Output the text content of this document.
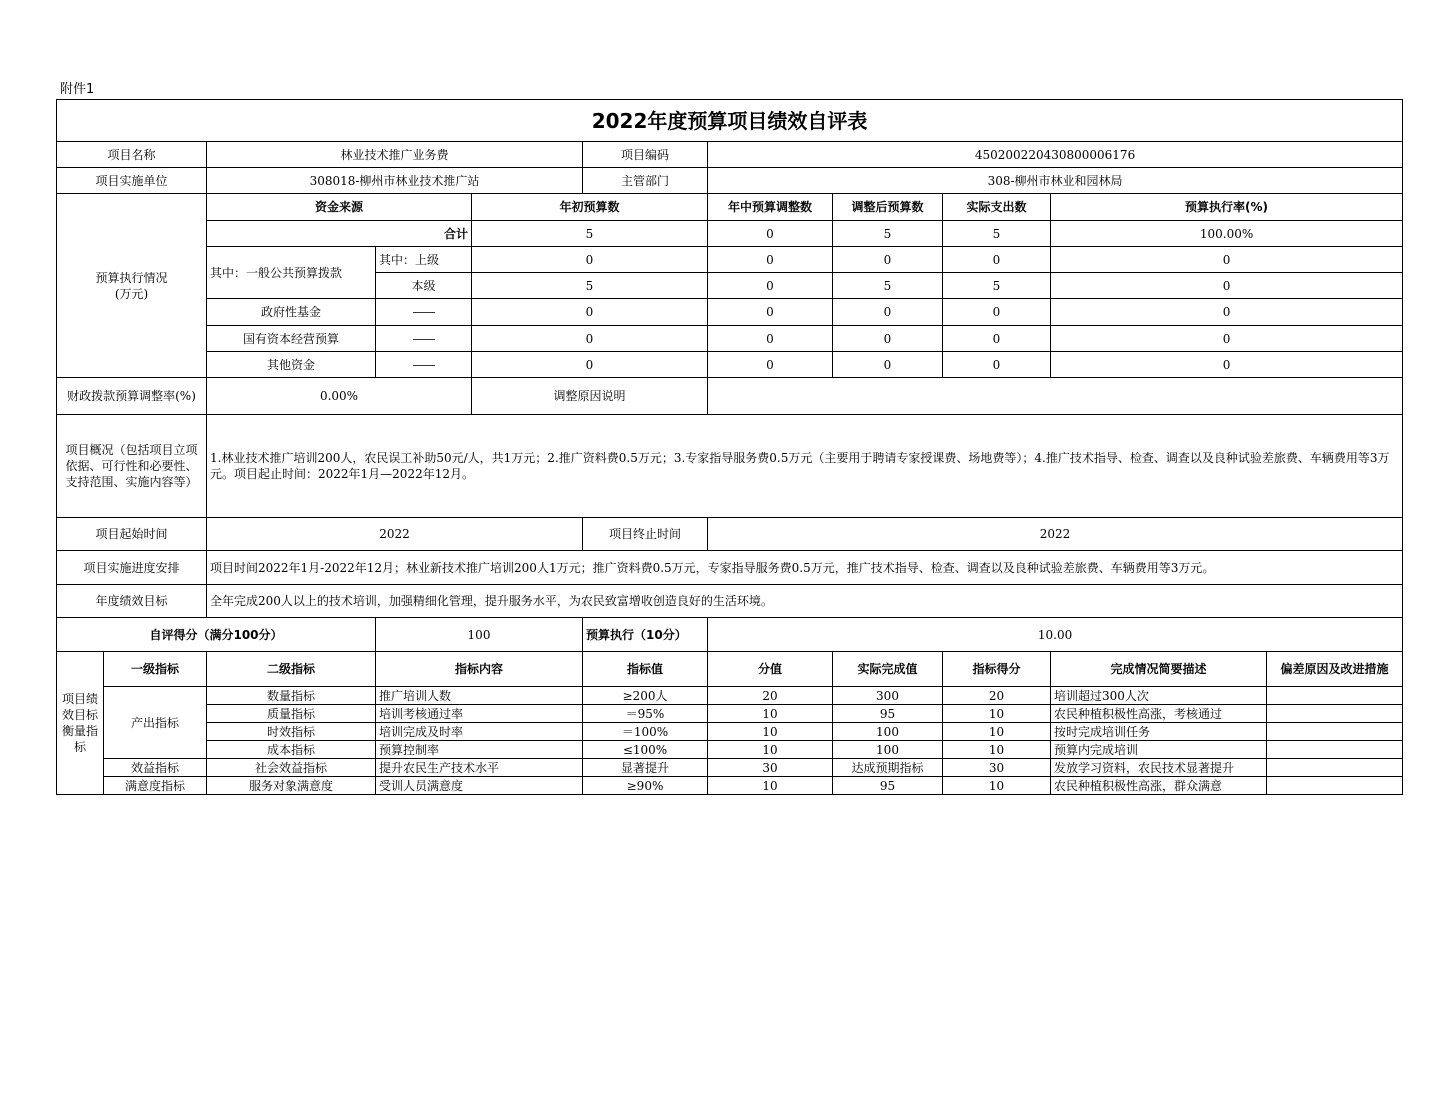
附件1
2022年度预算项目绩效自评表										
项目名称		林业技术推广业务费			项目编码	450200220430800006176				
项目实施单位		308018-柳州市林业技术推广站			主管部门	308-柳州市林业和园林局				
预算执行情况
(万元)		资金来源		年初预算数		年中预算调整数	调整后预算数	实际支出数	预算执行率(%)	
		合计		5		0	5	5	100.00%	
		其中：一般公共预算拨款	其中：上级	0		0	0	0	0	
			本级	5		0	5	5	0	
		政府性基金	——	0		0	0	0	0	
		国有资本经营预算	——	0		0	0	0	0	
		其他资金	——	0		0	0	0	0	
财政拨款预算调整率(%)		0.00%		调整原因说明						
项目概况（包括项目立项依据、可行性和必要性、支持范围、实施内容等）		1.林业技术推广培训200人，农民误工补助50元/人，共1万元；2.推广资料费0.5万元；3.专家指导服务费0.5万元（主要用于聘请专家授课费、场地费等）；4.推广技术指导、检查、调查以及良种试验差旅费、车辆费用等3万元。项目起止时间：2022年1月—2022年12月。								
项目起始时间		2022			项目终止时间	2022				
项目实施进度安排		项目时间2022年1月-2022年12月；林业新技术推广培训200人1万元；推广资料费0.5万元，专家指导服务费0.5万元，推广技术指导、检查、调查以及良种试验差旅费、车辆费用等3万元。								
年度绩效目标		全年完成200人以上的技术培训，加强精细化管理，提升服务水平，为农民致富增收创造良好的生活环境。								
自评得分（满分100分）			100		预算执行（10分）	10.00				
项目绩效目标衡量指标	一级指标	二级指标	指标内容		指标值	分值	实际完成值	指标得分	完成情况简要描述	偏差原因及改进措施
	产出指标	数量指标	推广培训人数		≥200人	20	300	20	培训超过300人次	
		质量指标	培训考核通过率		＝95%	10	95	10	农民种植积极性高涨，考核通过	
		时效指标	培训完成及时率		＝100%	10	100	10	按时完成培训任务	
		成本指标	预算控制率		≤100%	10	100	10	预算内完成培训	
	效益指标	社会效益指标	提升农民生产技术水平		显著提升	30	达成预期指标	30	发放学习资料，农民技术显著提升	
	满意度指标	服务对象满意度	受训人员满意度		≥90%	10	95	10	农民种植积极性高涨，群众满意	
